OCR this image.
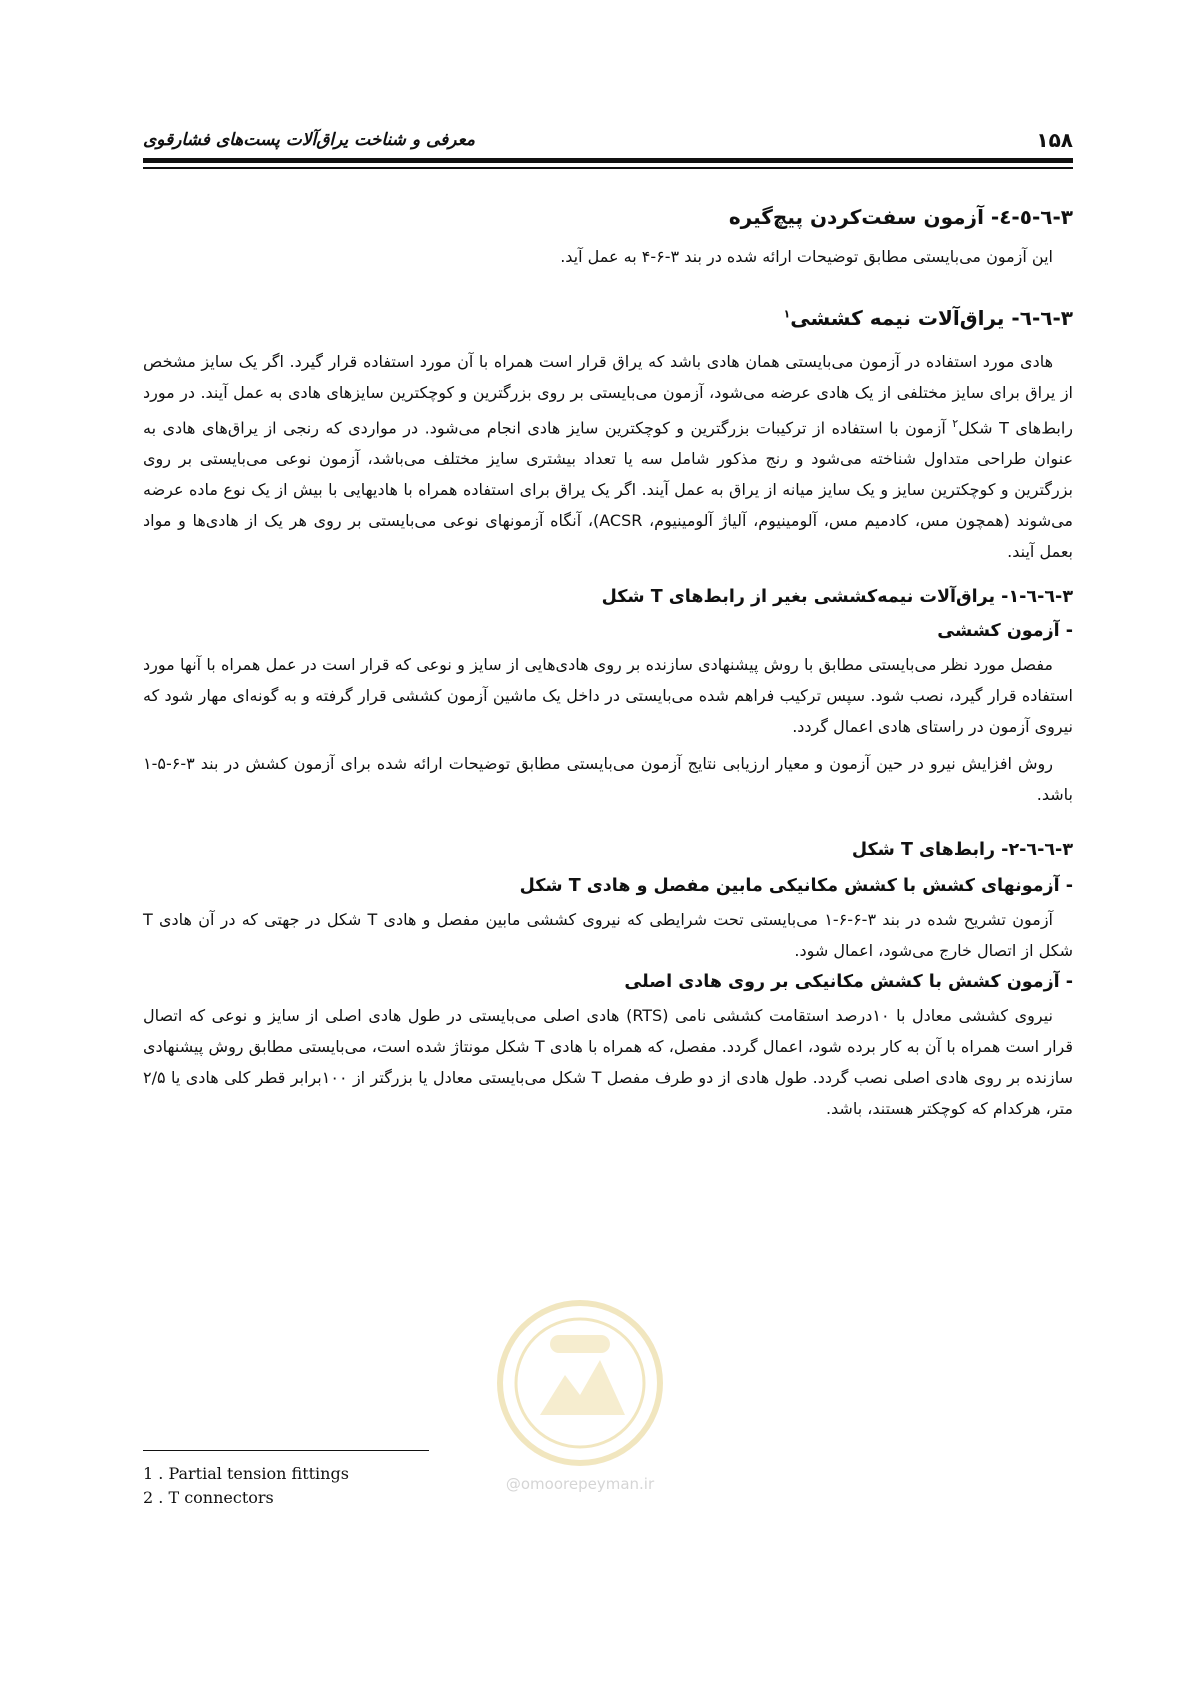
۱۵۸
معرفی و شناخت یراق‌آلات پست‌های فشارقوی
۳-٦-٥-٤- آزمون سفت‌کردن پیچ‌گیره

این آزمون می‌بایستی مطابق توضیحات ارائه شده در بند ۳-۶-۴ به عمل آید.

۳-٦-٦- یراق‌آلات نیمه کششی$^۱$

هادی مورد استفاده در آزمون می‌بایستی همان هادی باشد که یراق قرار است همراه با آن مورد استفاده قرار گیرد. اگر یک سایز مشخص از یراق برای سایز مختلفی از یک هادی عرضه می‌شود، آزمون می‌بایستی بر روی بزرگترین و کوچکترین سایزهای هادی به عمل آیند. در مورد رابط‌های T شکل$^۲$ آزمون با استفاده از ترکیبات بزرگترین و کوچکترین سایز هادی انجام می‌شود. در مواردی که رنجی از یراق‌های هادی به عنوان طراحی متداول شناخته می‌شود و رنج مذکور شامل سه یا تعداد بیشتری سایز مختلف می‌باشد، آزمون نوعی می‌بایستی بر روی بزرگترین و کوچکترین سایز و یک سایز میانه از یراق به عمل آیند. اگر یک یراق برای استفاده همراه با هادیهایی با بیش از یک نوع ماده عرضه می‌شوند (همچون مس، کادمیم مس، آلومینیوم، آلیاژ آلومینیوم، ACSR)، آنگاه آزمونهای نوعی می‌بایستی بر روی هر یک از هادی‌ها و مواد بعمل آیند.

۳-٦-٦-۱- یراق‌آلات نیمه‌کششی بغیر از رابط‌های T شکل
- آزمون کششی

مفصل مورد نظر می‌بایستی مطابق با روش پیشنهادی سازنده بر روی هادی‌هایی از سایز و نوعی که قرار است در عمل همراه با آنها مورد استفاده قرار گیرد، نصب شود. سپس ترکیب فراهم شده می‌بایستی در داخل یک ماشین آزمون کششی قرار گرفته و به گونه‌ای مهار شود که نیروی آزمون در راستای هادی اعمال گردد.

روش افزایش نیرو در حین آزمون و معیار ارزیابی نتایج آزمون می‌بایستی مطابق توضیحات ارائه شده برای آزمون کشش در بند ۳-۶-۵-۱ باشد.

۳-٦-٦-۲- رابط‌های T شکل
- آزمونهای کشش با کشش مکانیکی مابین مفصل و هادی T شکل

آزمون تشریح شده در بند ۳-۶-۶-۱ می‌بایستی تحت شرایطی که نیروی کششی مابین مفصل و هادی T شکل در جهتی که در آن هادی T شکل از اتصال خارج می‌شود، اعمال شود.

- آزمون کشش با کشش مکانیکی بر روی هادی اصلی

نیروی کششی معادل با ۱۰درصد استقامت کششی نامی (RTS) هادی اصلی می‌بایستی در طول هادی اصلی از سایز و نوعی که اتصال قرار است همراه با آن به کار برده شود، اعمال گردد. مفصل، که همراه با هادی T شکل مونتاژ شده است، می‌بایستی مطابق روش پیشنهادی سازنده بر روی هادی اصلی نصب گردد. طول هادی از دو طرف مفصل T شکل می‌بایستی معادل یا بزرگتر از ۱۰۰برابر قطر کلی هادی یا ۲/۵ متر، هرکدام که کوچکتر هستند، باشد.

1 . Partial tension fittings
2 . T connectors
@omoorepeyman.ir
